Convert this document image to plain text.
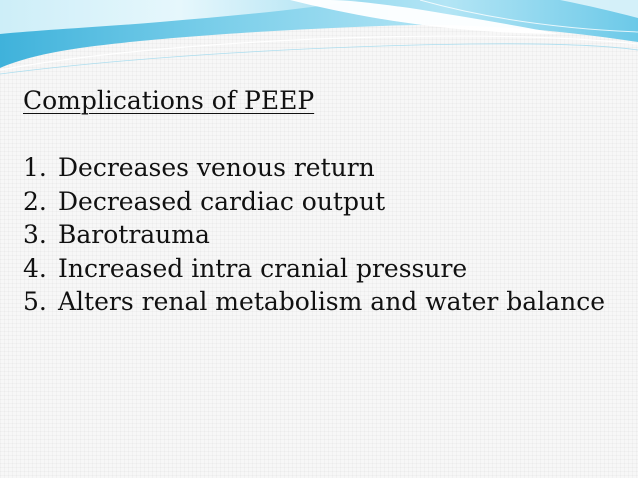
Complications of PEEP
1. Decreases venous return
2. Decreased cardiac output
3. Barotrauma
4. Increased intra cranial pressure
5. Alters renal metabolism and water balance
